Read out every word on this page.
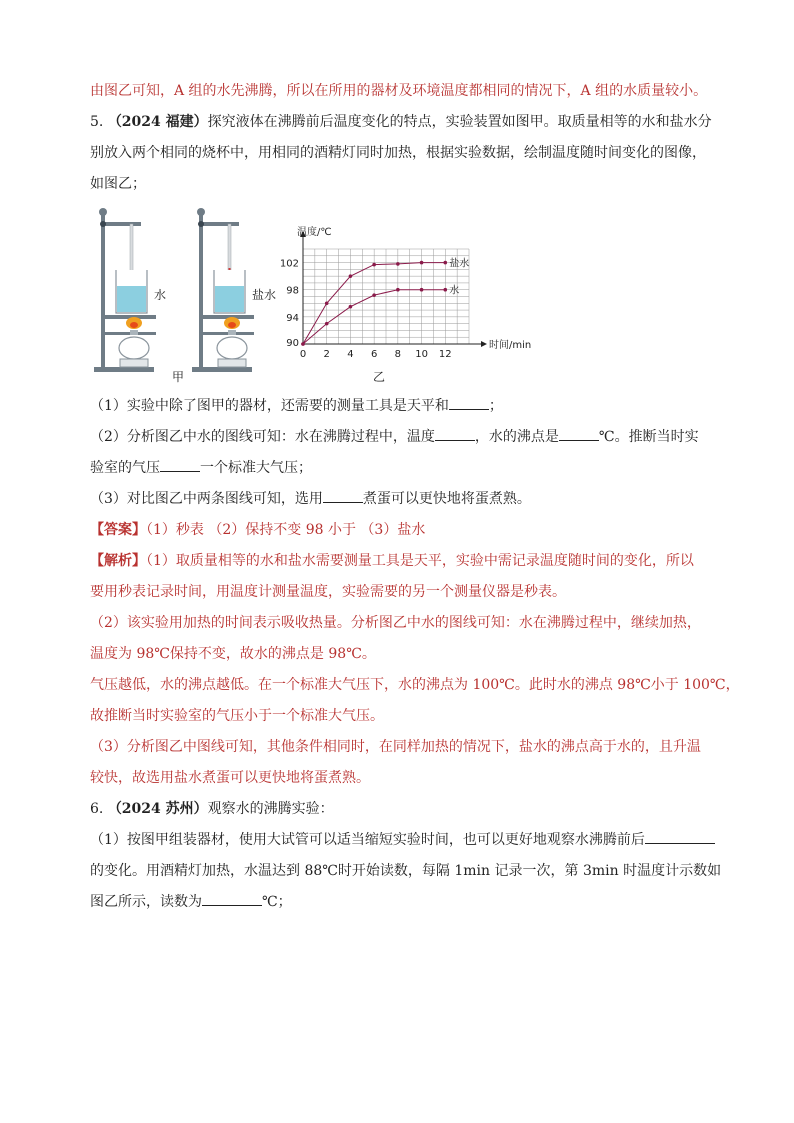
由图乙可知，A 组的水先沸腾，所以在所用的器材及环境温度都相同的情况下，A 组的水质量较小。
5. （2024 福建）探究液体在沸腾前后温度变化的特点，实验装置如图甲。取质量相等的水和盐水分
别放入两个相同的烧杯中，用相同的酒精灯同时加热，根据实验数据，绘制温度随时间变化的图像，
如图乙；
0 2 4 6 8 10 12
90
94
98
102
温度/℃
时间/min
盐水
水
水	盐水
甲	乙
（1）实验中除了图甲的器材，还需要的测量工具是天平和	；
（2）分析图乙中水的图线可知：水在沸腾过程中，温度	，水的沸点是	℃。推断当时实
验室的气压	一个标准大气压；
（3）对比图乙中两条图线可知，选用	煮蛋可以更快地将蛋煮熟。
【答案】（1）秒表 （2）保持不变 98 小于 （3）盐水
【解析】（1）取质量相等的水和盐水需要测量工具是天平，实验中需记录温度随时间的变化，所以
要用秒表记录时间，用温度计测量温度，实验需要的另一个测量仪器是秒表。
（2）该实验用加热的时间表示吸收热量。分析图乙中水的图线可知：水在沸腾过程中，继续加热，
温度为 98℃保持不变，故水的沸点是 98℃。
气压越低，水的沸点越低。在一个标准大气压下，水的沸点为 100℃。此时水的沸点 98℃小于 100℃，
故推断当时实验室的气压小于一个标准大气压。
（3）分析图乙中图线可知，其他条件相同时，在同样加热的情况下，盐水的沸点高于水的，且升温
较快，故选用盐水煮蛋可以更快地将蛋煮熟。
6. （2024 苏州）观察水的沸腾实验：
（1）按图甲组装器材，使用大试管可以适当缩短实验时间，也可以更好地观察水沸腾前后
的变化。用酒精灯加热，水温达到 88℃时开始读数，每隔 1min 记录一次，第 3min 时温度计示数如
图乙所示，读数为	℃；
